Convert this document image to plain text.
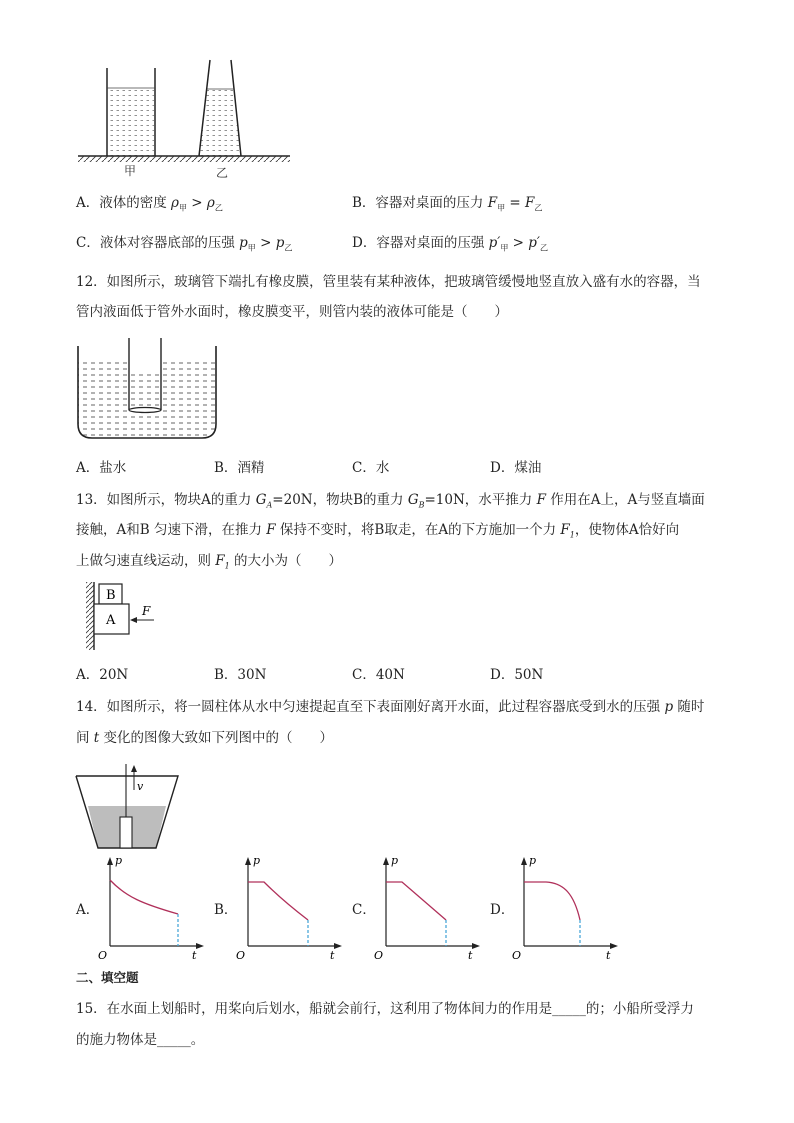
甲	乙
A．液体的密度 $\rho_甲 > \rho_乙$	B．容器对桌面的压力 $F_甲 = F_乙$
C．液体对容器底部的压强 $p_甲 > p_乙$	D．容器对桌面的压强 $p'_甲 > p'_乙$
12．如图所示，玻璃管下端扎有橡皮膜，管里装有某种液体，把玻璃管缓慢地竖直放入盛有水的容器，当
管内液面低于管外水面时，橡皮膜变平，则管内装的液体可能是（　　）
A．盐水	B．酒精	C．水	D．煤油
13．如图所示，物块A的重力 $G_A=20N$，物块B的重力 $G_B=10N$，水平推力 F 作用在A上，A与竖直墙面
接触，A和B 匀速下滑，在推力 F 保持不变时，将B取走，在A的下方施加一个力 $F_1$，使物体A恰好向
上做匀速直线运动，则 $F_1$ 的大小为（　　）
B
A
F
A．20N	B．30N	C．40N	D．50N
14．如图所示，将一圆柱体从水中匀速提起直至下表面刚好离开水面，此过程容器底受到水的压强 p 随时
间 t 变化的图像大致如下列图中的（　　）
v
A．
p
t
O
B．
p
t
O
C．
p
t
O
D．
p
t
O
二、填空题
15．在水面上划船时，用桨向后划水，船就会前行，这利用了物体间力的作用是_____的；小船所受浮力
的施力物体是_____。
